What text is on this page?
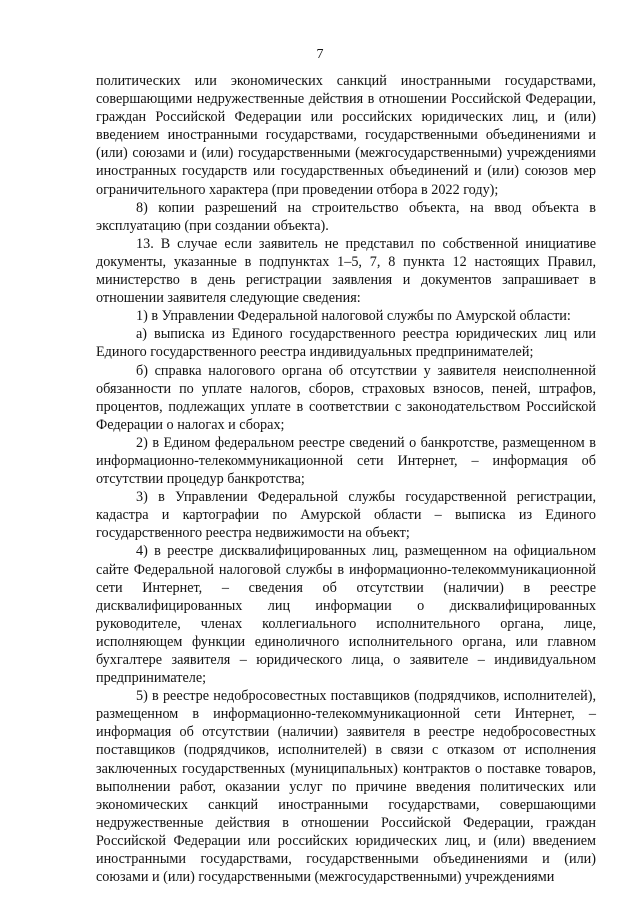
7

политических или экономических санкций иностранными государствами, совершающими недружественные действия в отношении Российской Федерации, граждан Российской Федерации или российских юридических лиц, и (или) введением иностранными государствами, государственными объединениями и (или) союзами и (или) государственными (межгосударственными) учреждениями иностранных государств или государственных объединений и (или) союзов мер ограничительного характера (при проведении отбора в 2022 году);

8) копии разрешений на строительство объекта, на ввод объекта в эксплуатацию (при создании объекта).

13. В случае если заявитель не представил по собственной инициативе документы, указанные в подпунктах 1–5, 7, 8 пункта 12 настоящих Правил, министерство в день регистрации заявления и документов запрашивает в отношении заявителя следующие сведения:

1) в Управлении Федеральной налоговой службы по Амурской области:

а) выписка из Единого государственного реестра юридических лиц или Единого государственного реестра индивидуальных предпринимателей;

б) справка налогового органа об отсутствии у заявителя неисполненной обязанности по уплате налогов, сборов, страховых взносов, пеней, штрафов, процентов, подлежащих уплате в соответствии с законодательством Российской Федерации о налогах и сборах;

2) в Едином федеральном реестре сведений о банкротстве, размещенном в информационно-телекоммуникационной сети Интернет, – информация об отсутствии процедур банкротства;

3) в Управлении Федеральной службы государственной регистрации, кадастра и картографии по Амурской области – выписка из Единого государственного реестра недвижимости на объект;

4) в реестре дисквалифицированных лиц, размещенном на официальном сайте Федеральной налоговой службы в информационно-телекоммуникационной сети Интернет, – сведения об отсутствии (наличии) в реестре дисквалифицированных лиц информации о дисквалифицированных руководителе, членах коллегиального исполнительного органа, лице, исполняющем функции единоличного исполнительного органа, или главном бухгалтере заявителя – юридического лица, о заявителе – индивидуальном предпринимателе;

5) в реестре недобросовестных поставщиков (подрядчиков, исполнителей), размещенном в информационно-телекоммуникационной сети Интернет, – информация об отсутствии (наличии) заявителя в реестре недобросовестных поставщиков (подрядчиков, исполнителей) в связи с отказом от исполнения заключенных государственных (муниципальных) контрактов о поставке товаров, выполнении работ, оказании услуг по причине введения политических или экономических санкций иностранными государствами, совершающими недружественные действия в отношении Российской Федерации, граждан Российской Федерации или российских юридических лиц, и (или) введением иностранными государствами, государственными объединениями и (или) союзами и (или) государственными (межгосударственными) учреждениями
